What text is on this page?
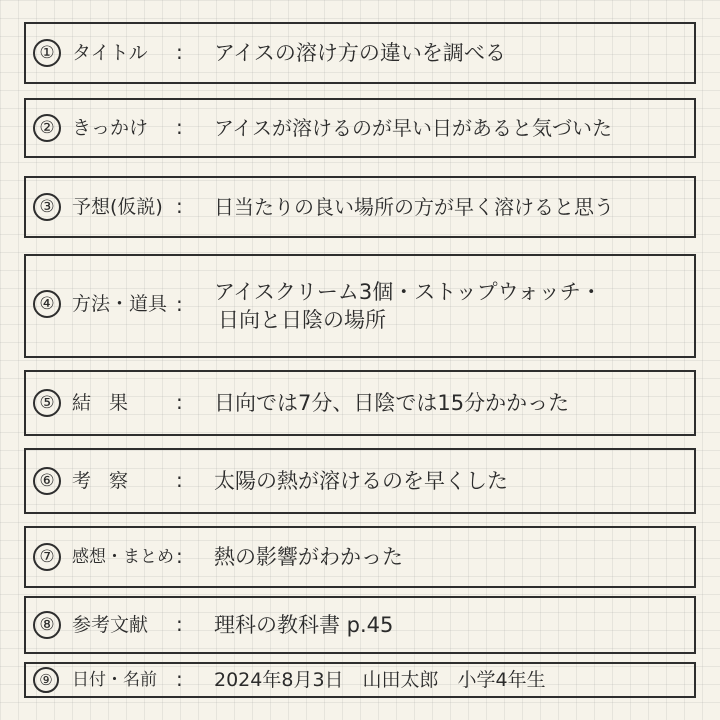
① タイトル : アイスの溶け方の違いを調べる
② きっかけ : アイスが溶けるのが早い日があると気づいた
③ 予想(仮説) : 日当たりの良い場所の方が早く溶けると思う
④ 方法・道具 : アイスクリーム3個・ストップウォッチ・
日向と日陰の場所
⑤ 結 果 : 日向では7分、日陰では15分かかった
⑥ 考 察 : 太陽の熱が溶けるのを早くした
⑦	感想・まとめ : 熱の影響がわかった
⑧ 参考文献 : 理科の教科書 p.45
⑨	日付・名前 : 2024年8月3日　山田太郎　小学4年生
